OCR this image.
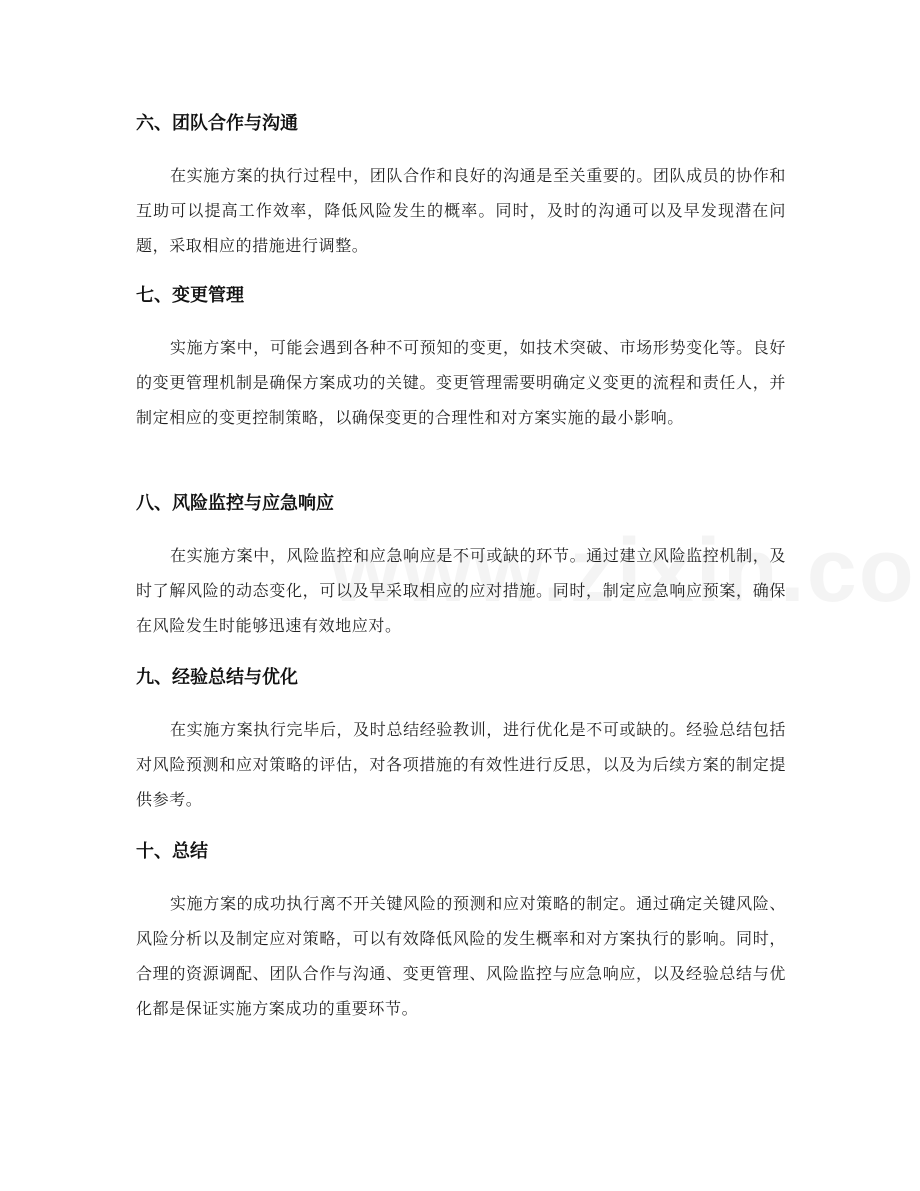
六、团队合作与沟通

在实施方案的执行过程中，团队合作和良好的沟通是至关重要的。团队成员的协作和互助可以提高工作效率，降低风险发生的概率。同时，及时的沟通可以及早发现潜在问题，采取相应的措施进行调整。

七、变更管理

实施方案中，可能会遇到各种不可预知的变更，如技术突破、市场形势变化等。良好的变更管理机制是确保方案成功的关键。变更管理需要明确定义变更的流程和责任人，并制定相应的变更控制策略，以确保变更的合理性和对方案实施的最小影响。

八、风险监控与应急响应

在实施方案中，风险监控和应急响应是不可或缺的环节。通过建立风险监控机制，及时了解风险的动态变化，可以及早采取相应的应对措施。同时，制定应急响应预案，确保在风险发生时能够迅速有效地应对。

九、经验总结与优化

在实施方案执行完毕后，及时总结经验教训，进行优化是不可或缺的。经验总结包括对风险预测和应对策略的评估，对各项措施的有效性进行反思，以及为后续方案的制定提供参考。

十、总结

实施方案的成功执行离不开关键风险的预测和应对策略的制定。通过确定关键风险、风险分析以及制定应对策略，可以有效降低风险的发生概率和对方案执行的影响。同时，合理的资源调配、团队合作与沟通、变更管理、风险监控与应急响应，以及经验总结与优化都是保证实施方案成功的重要环节。
